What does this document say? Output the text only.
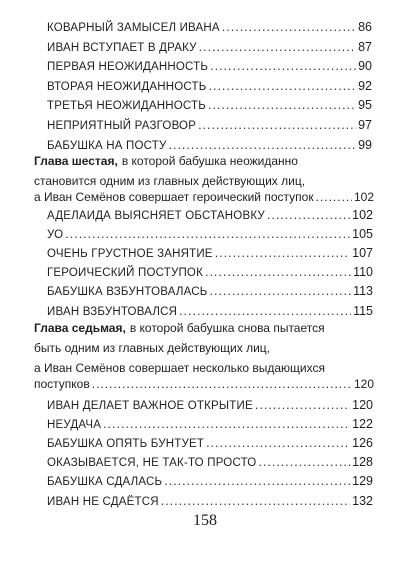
КОВАРНЫЙ ЗАМЫСЕЛ ИВАНА .....	86
ИВАН ВСТУПАЕТ В ДРАКУ .....	87
ПЕРВАЯ НЕОЖИДАННОСТЬ .....	90
ВТОРАЯ НЕОЖИДАННОСТЬ .....	92
ТРЕТЬЯ НЕОЖИДАННОСТЬ .....	95
НЕПРИЯТНЫЙ РАЗГОВОР .....	97
БАБУШКА НА ПОСТУ .....	99
Глава шестая, в которой бабушка неожиданно
становится одним из главных действующих лиц,
а Иван Семёнов совершает героический поступок .....	102
АДЕЛАИДА ВЫЯСНЯЕТ ОБСТАНОВКУ .....	102
УО .....	105
ОЧЕНЬ ГРУСТНОЕ ЗАНЯТИЕ .....	107
ГЕРОИЧЕСКИЙ ПОСТУПОК .....	110
БАБУШКА ВЗБУНТОВАЛАСЬ .....	113
ИВАН ВЗБУНТОВАЛСЯ .....	115
Глава седьмая, в которой бабушка снова пытается
быть одним из главных действующих лиц,
а Иван Семёнов совершает несколько выдающихся
поступков .....	120
ИВАН ДЕЛАЕТ ВАЖНОЕ ОТКРЫТИЕ .....	120
НЕУДАЧА .....	122
БАБУШКА ОПЯТЬ БУНТУЕТ .....	126
ОКАЗЫВАЕТСЯ, НЕ ТАК-ТО ПРОСТО .....	128
БАБУШКА СДАЛАСЬ .....	129
ИВАН НЕ СДАЁТСЯ .....	132
158
